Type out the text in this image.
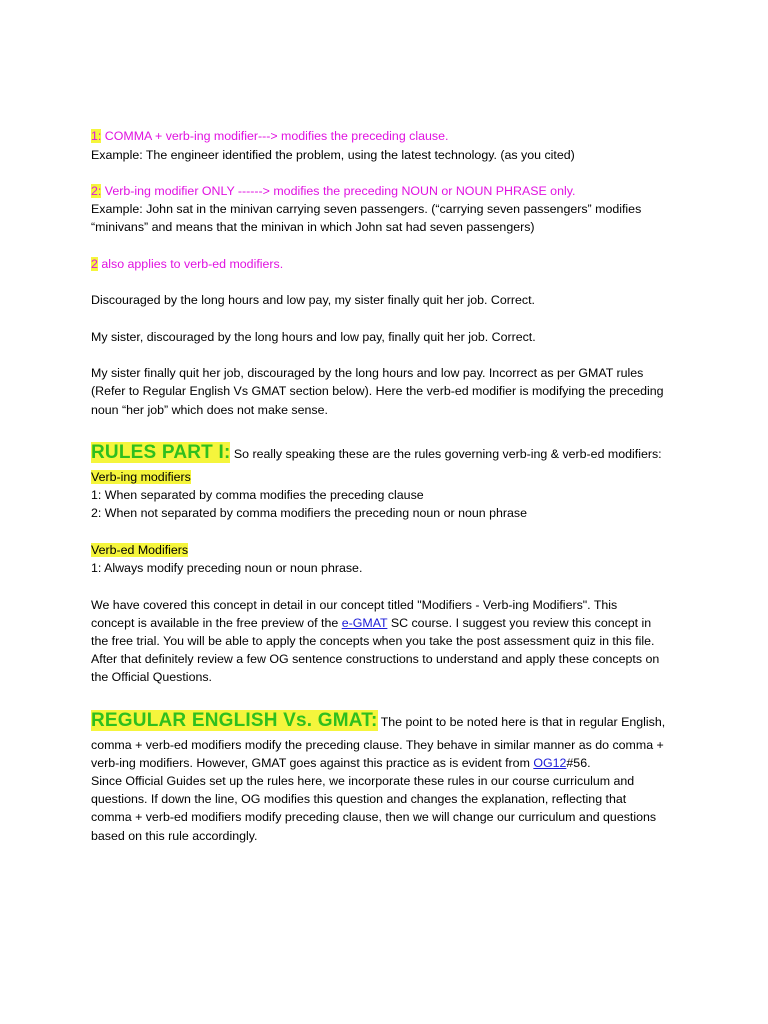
1: COMMA + verb-ing modifier---> modifies the preceding clause.
Example: The engineer identified the problem, using the latest technology. (as you cited)
2: Verb-ing modifier ONLY ------> modifies the preceding NOUN or NOUN PHRASE only.
Example: John sat in the minivan carrying seven passengers. (“carrying seven passengers” modifies
“minivans” and means that the minivan in which John sat had seven passengers)
2 also applies to verb-ed modifiers.
Discouraged by the long hours and low pay, my sister finally quit her job. Correct.
My sister, discouraged by the long hours and low pay, finally quit her job. Correct.
My sister finally quit her job, discouraged by the long hours and low pay. Incorrect as per GMAT rules
(Refer to Regular English Vs GMAT section below). Here the verb-ed modifier is modifying the preceding
noun “her job” which does not make sense.
RULES PART I: So really speaking these are the rules governing verb-ing & verb-ed modifiers:
Verb-ing modifiers
1: When separated by comma modifies the preceding clause
2: When not separated by comma modifiers the preceding noun or noun phrase
Verb-ed Modifiers
1: Always modify preceding noun or noun phrase.
We have covered this concept in detail in our concept titled "Modifiers - Verb-ing Modifiers". This
concept is available in the free preview of the e-GMAT SC course. I suggest you review this concept in
the free trial. You will be able to apply the concepts when you take the post assessment quiz in this file.
After that definitely review a few OG sentence constructions to understand and apply these concepts on
the Official Questions.
REGULAR ENGLISH Vs. GMAT: The point to be noted here is that in regular English,
comma + verb-ed modifiers modify the preceding clause. They behave in similar manner as do comma +
verb-ing modifiers. However, GMAT goes against this practice as is evident from OG12#56.
Since Official Guides set up the rules here, we incorporate these rules in our course curriculum and
questions. If down the line, OG modifies this question and changes the explanation, reflecting that
comma + verb-ed modifiers modify preceding clause, then we will change our curriculum and questions
based on this rule accordingly.
